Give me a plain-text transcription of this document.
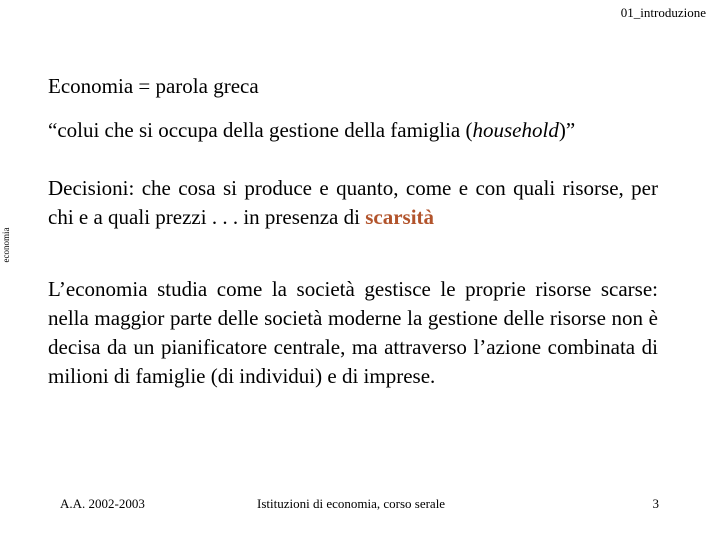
01_introduzione
economia
Economia = parola greca
“colui che si occupa della gestione della famiglia (household)”
Decisioni: che cosa si produce e quanto, come e con quali risorse, per chi e a quali prezzi . . . in presenza di scarsità
L’economia studia come la società gestisce le proprie risorse scarse: nella maggior parte delle società moderne la gestione delle risorse non è decisa da un pianificatore centrale, ma attraverso l’azione combinata di milioni di famiglie (di individui) e di imprese.
A.A. 2002-2003	Istituzioni di economia, corso serale	3
